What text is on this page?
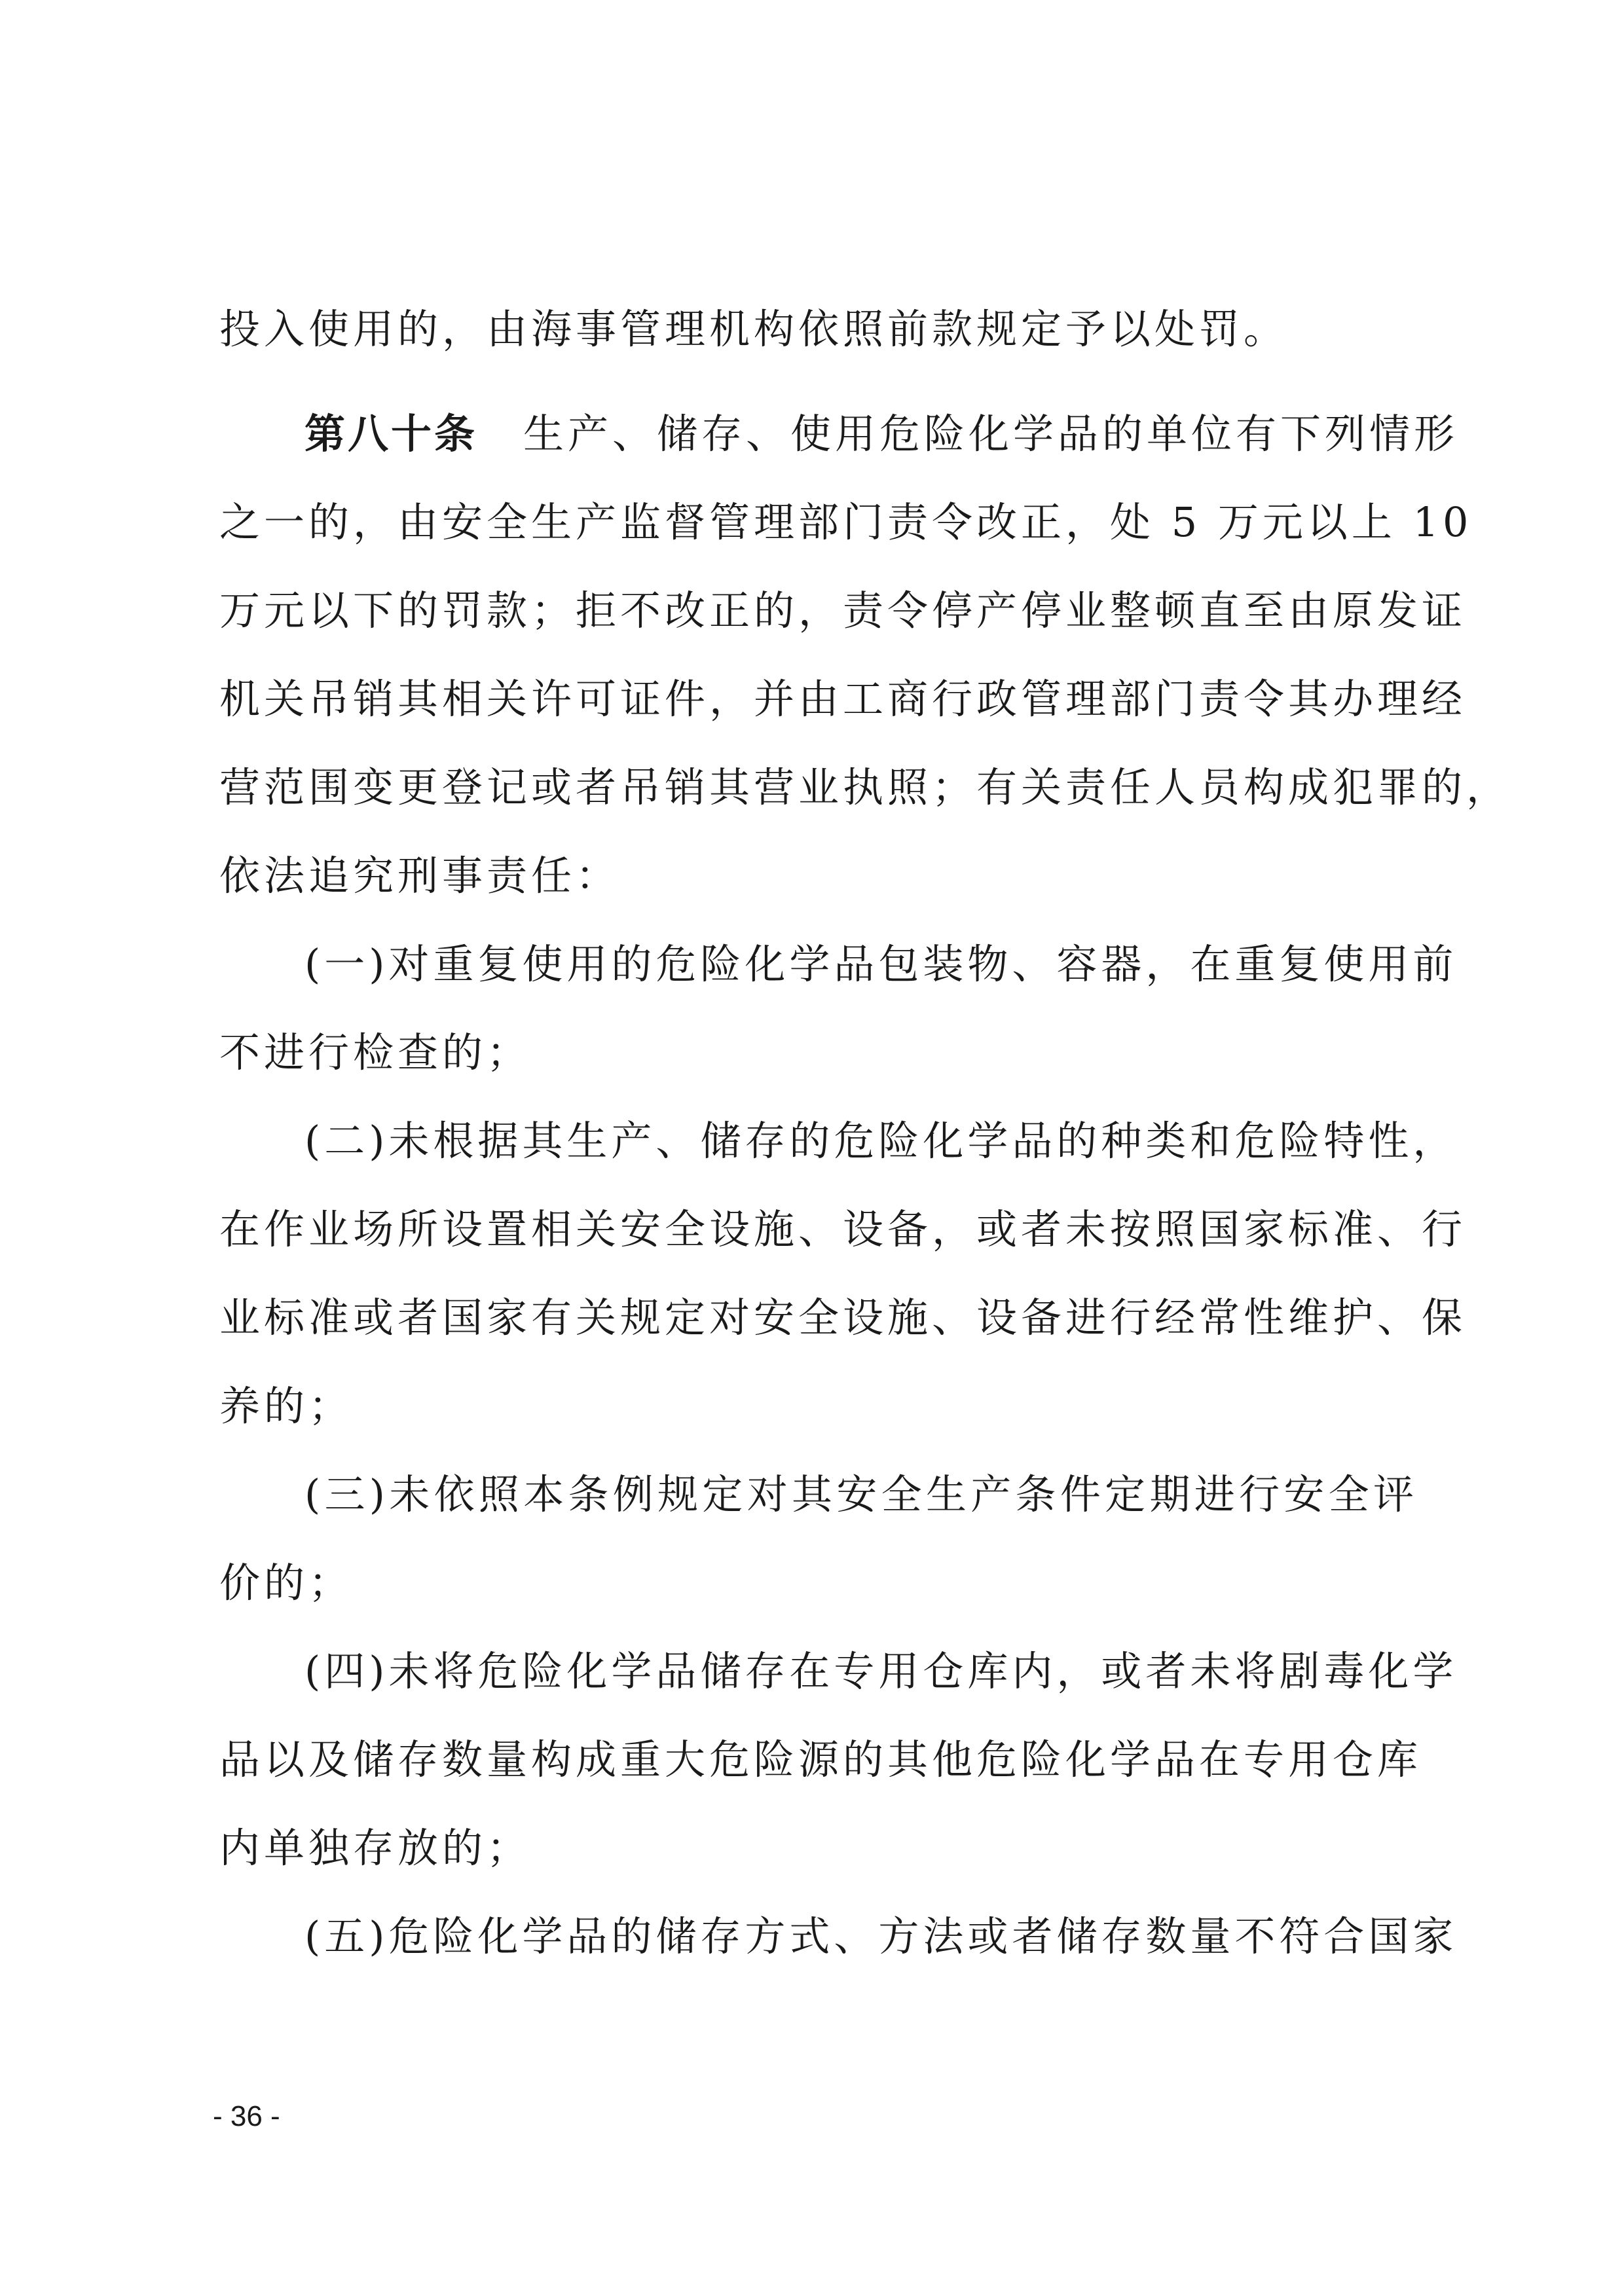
投入使用的，由海事管理机构依照前款规定予以处罚。
第八十条 生产、储存、使用危险化学品的单位有下列情形
之一的，由安全生产监督管理部门责令改正，处 5 万元以上 10
万元以下的罚款；拒不改正的，责令停产停业整顿直至由原发证
机关吊销其相关许可证件，并由工商行政管理部门责令其办理经
营范围变更登记或者吊销其营业执照；有关责任人员构成犯罪的，
依法追究刑事责任：
(一)对重复使用的危险化学品包装物、容器，在重复使用前
不进行检查的；
(二)未根据其生产、储存的危险化学品的种类和危险特性，
在作业场所设置相关安全设施、设备，或者未按照国家标准、行
业标准或者国家有关规定对安全设施、设备进行经常性维护、保
养的；
(三)未依照本条例规定对其安全生产条件定期进行安全评
价的；
(四)未将危险化学品储存在专用仓库内，或者未将剧毒化学
品以及储存数量构成重大危险源的其他危险化学品在专用仓库
内单独存放的；
(五)危险化学品的储存方式、方法或者储存数量不符合国家
- 36 -
